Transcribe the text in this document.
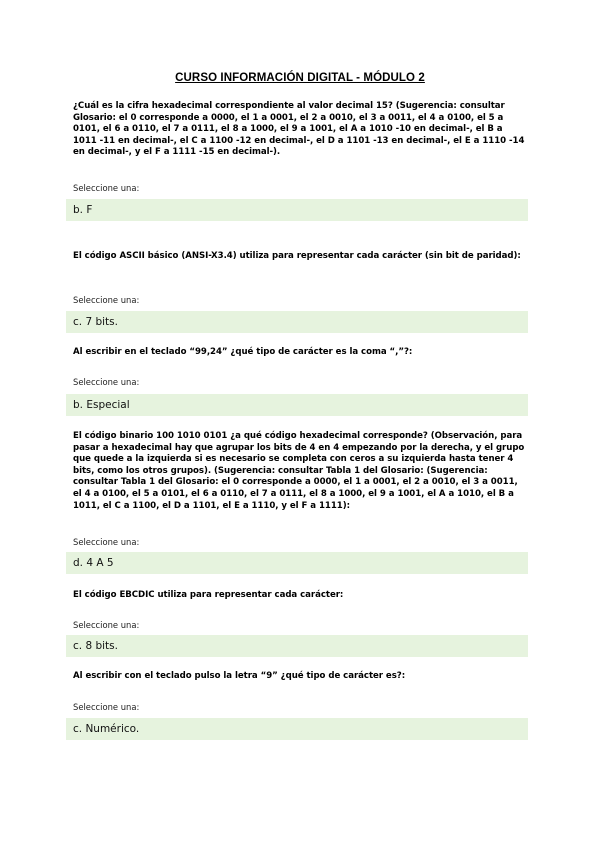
CURSO INFORMACIÓN DIGITAL - MÓDULO 2
¿Cuál es la cifra hexadecimal correspondiente al valor decimal 15? (Sugerencia: consultar Glosario: el 0 corresponde a 0000, el 1 a 0001, el 2 a 0010, el 3 a 0011, el 4 a 0100, el 5 a 0101, el 6 a 0110, el 7 a 0111, el 8 a 1000, el 9 a 1001, el A a 1010 -10 en decimal-, el B a 1011 -11 en decimal-, el C a 1100 -12 en decimal-, el D a 1101 -13 en decimal-, el E a 1110 -14 en decimal-, y el F a 1111 -15 en decimal-).
Seleccione una:
b. F
El código ASCII básico (ANSI-X3.4) utiliza para representar cada carácter (sin bit de paridad):
Seleccione una:
c. 7 bits.
Al escribir en el teclado “99,24” ¿qué tipo de carácter es la coma “,”?:
Seleccione una:
b. Especial
El código binario 100 1010 0101 ¿a qué código hexadecimal corresponde? (Observación, para pasar a hexadecimal hay que agrupar los bits de 4 en 4 empezando por la derecha, y el grupo que quede a la izquierda si es necesario se completa con ceros a su izquierda hasta tener 4 bits, como los otros grupos). (Sugerencia: consultar Tabla 1 del Glosario: (Sugerencia: consultar Tabla 1 del Glosario: el 0 corresponde a 0000, el 1 a 0001, el 2 a 0010, el 3 a 0011, el 4 a 0100, el 5 a 0101, el 6 a 0110, el 7 a 0111, el 8 a 1000, el 9 a 1001, el A a 1010, el B a 1011, el C a 1100, el D a 1101, el E a 1110, y el F a 1111):
Seleccione una:
d. 4 A 5
El código EBCDIC utiliza para representar cada carácter:
Seleccione una:
c. 8 bits.
Al escribir con el teclado pulso la letra “9” ¿qué tipo de carácter es?:
Seleccione una:
c. Numérico.
